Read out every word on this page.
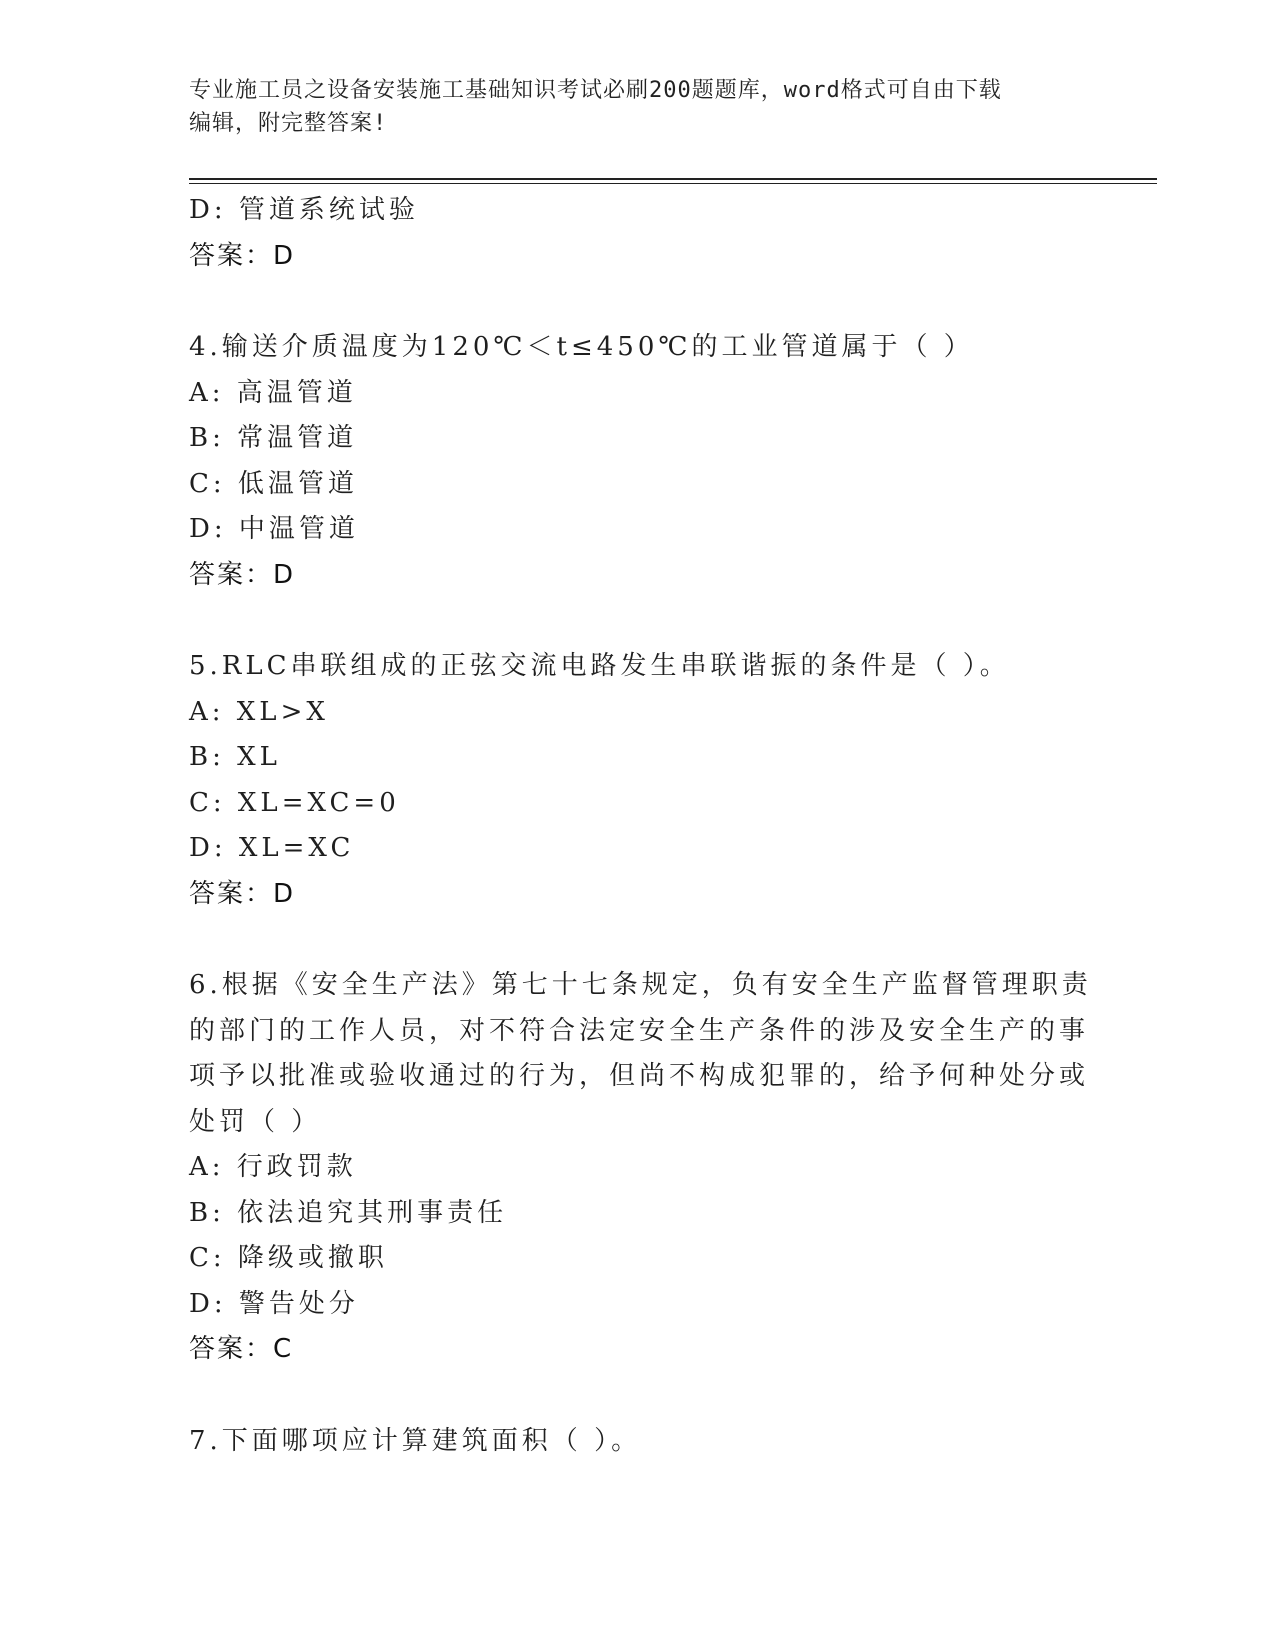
专业施工员之设备安装施工基础知识考试必刷200题题库，word格式可自由下载
编辑，附完整答案!
D: 管道系统试验
答案：D
4.输送介质温度为120℃＜t≤450℃的工业管道属于（ ）
A: 高温管道
B: 常温管道
C: 低温管道
D: 中温管道
答案：D
5.RLC串联组成的正弦交流电路发生串联谐振的条件是（ ）。
A: XL>X
B: XL
C: XL=XC=0
D: XL=XC
答案：D
6.根据《安全生产法》第七十七条规定，负有安全生产监督管理职责
的部门的工作人员，对不符合法定安全生产条件的涉及安全生产的事
项予以批准或验收通过的行为，但尚不构成犯罪的，给予何种处分或
处罚（ ）
A: 行政罚款
B: 依法追究其刑事责任
C: 降级或撤职
D: 警告处分
答案：C
7.下面哪项应计算建筑面积（ ）。
